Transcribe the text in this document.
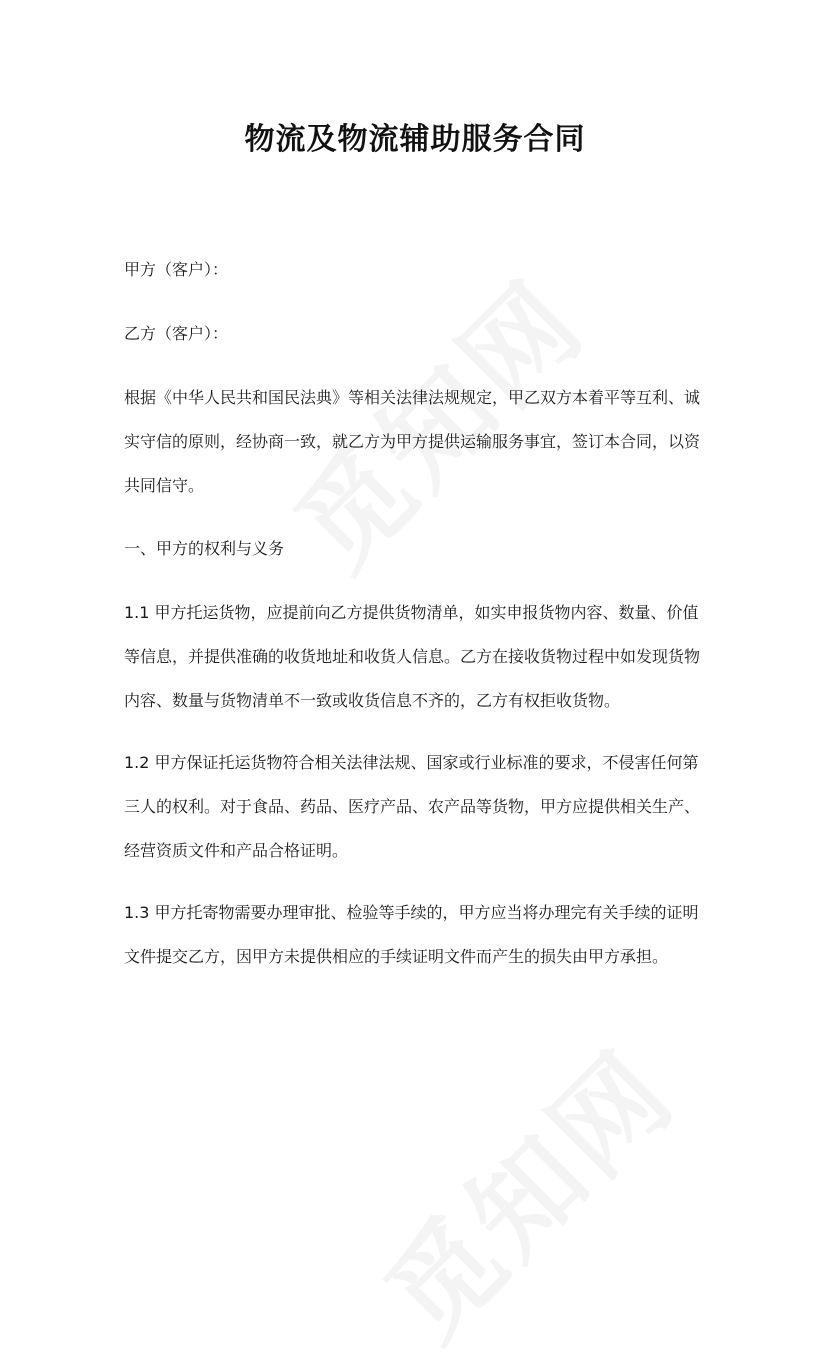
物流及物流辅助服务合同

甲方（客户）：

乙方（客户）：

根据《中华人民共和国民法典》等相关法律法规规定，甲乙双方本着平等互利、诚实守信的原则，经协商一致，就乙方为甲方提供运输服务事宜，签订本合同，以资共同信守。

一、甲方的权利与义务

1.1 甲方托运货物，应提前向乙方提供货物清单，如实申报货物内容、数量、价值等信息，并提供准确的收货地址和收货人信息。乙方在接收货物过程中如发现货物内容、数量与货物清单不一致或收货信息不齐的，乙方有权拒收货物。

1.2 甲方保证托运货物符合相关法律法规、国家或行业标准的要求，不侵害任何第三人的权利。对于食品、药品、医疗产品、农产品等货物，甲方应提供相关生产、经营资质文件和产品合格证明。

1.3 甲方托寄物需要办理审批、检验等手续的，甲方应当将办理完有关手续的证明文件提交乙方，因甲方未提供相应的手续证明文件而产生的损失由甲方承担。
